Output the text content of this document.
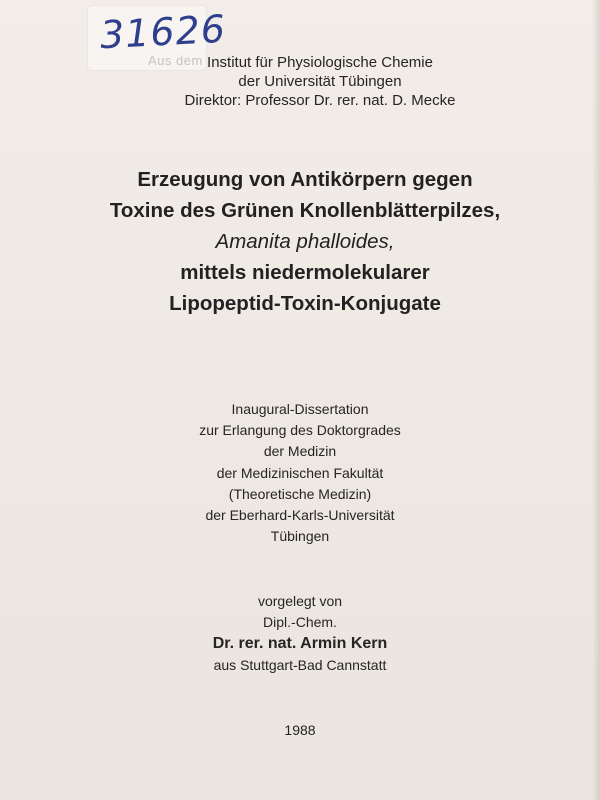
Aus dem
31626
Institut für Physiologische Chemie
der Universität Tübingen
Direktor: Professor Dr. rer. nat. D. Mecke
Erzeugung von Antikörpern gegen
Toxine des Grünen Knollenblätterpilzes,
Amanita phalloides,
mittels niedermolekularer
Lipopeptid-Toxin-Konjugate
Inaugural-Dissertation
zur Erlangung des Doktorgrades
der Medizin
der Medizinischen Fakultät
(Theoretische Medizin)
der Eberhard-Karls-Universität
Tübingen
vorgelegt von
Dipl.-Chem.
Dr. rer. nat. Armin Kern
aus Stuttgart-Bad Cannstatt
1988
